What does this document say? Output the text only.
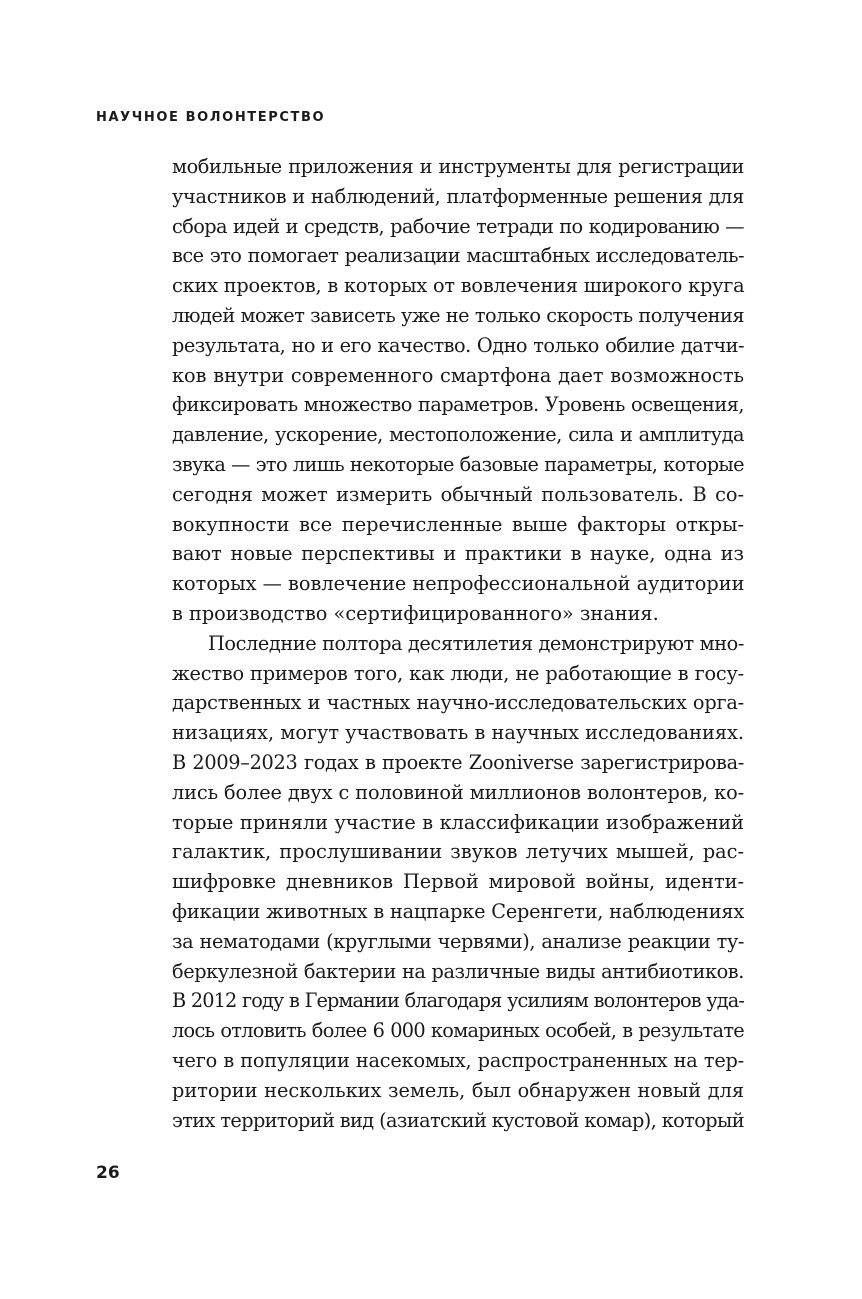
НАУЧНОЕ ВОЛОНТЕРСТВО
мобильные приложения и инструменты для регистрации
участников и наблюдений, платформенные решения для
сбора идей и средств, рабочие тетради по кодированию —
все это помогает реализации масштабных исследователь-
ских проектов, в которых от вовлечения широкого круга
людей может зависеть уже не только скорость получения
результата, но и его качество. Одно только обилие датчи-
ков внутри современного смартфона дает возможность
фиксировать множество параметров. Уровень освещения,
давление, ускорение, местоположение, сила и амплитуда
звука — это лишь некоторые базовые параметры, которые
сегодня может измерить обычный пользователь. В со-
вокупности все перечисленные выше факторы откры-
вают новые перспективы и практики в науке, одна из
которых — вовлечение непрофессиональной аудитории
в производство «сертифицированного» знания.
Последние полтора десятилетия демонстрируют мно-
жество примеров того, как люди, не работающие в госу-
дарственных и частных научно-исследовательских орга-
низациях, могут участвовать в научных исследованиях.
В 2009–2023 годах в проекте Zooniverse зарегистрирова-
лись более двух с половиной миллионов волонтеров, ко-
торые приняли участие в классификации изображений
галактик, прослушивании звуков летучих мышей, рас-
шифровке дневников Первой мировой войны, иденти-
фикации животных в нацпарке Серенгети, наблюдениях
за нематодами (круглыми червями), анализе реакции ту-
беркулезной бактерии на различные виды антибиотиков.
В 2012 году в Германии благодаря усилиям волонтеров уда-
лось отловить более 6 000 комариных особей, в результате
чего в популяции насекомых, распространенных на тер-
ритории нескольких земель, был обнаружен новый для
этих территорий вид (азиатский кустовой комар), который
26
